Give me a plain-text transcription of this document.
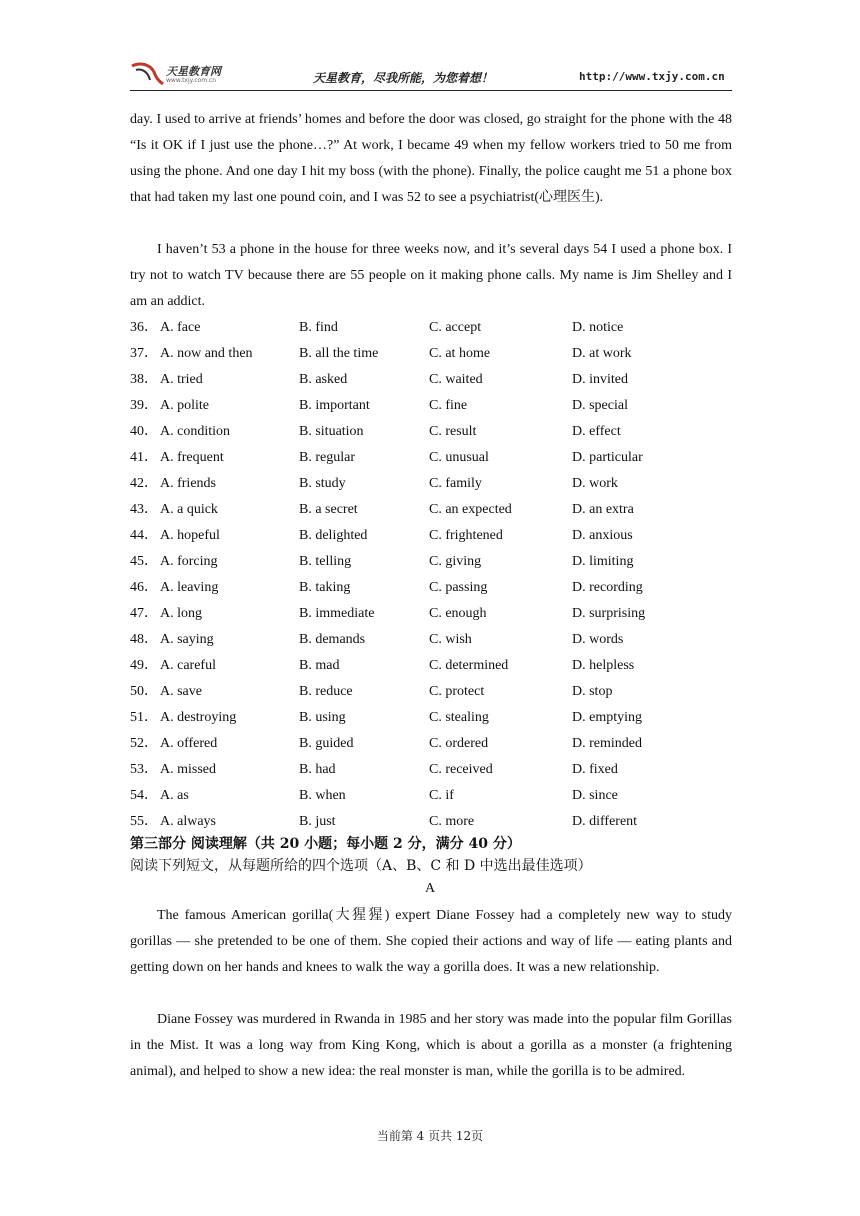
天星教育网
www.txjy.com.cn	天星教育，尽我所能，为您着想！	http://www.txjy.com.cn
day. I used to arrive at friends’ homes and before the door was closed, go straight for the phone with the 48 “Is it OK if I just use the phone…?” At work, I became 49 when my fellow workers tried to 50 me from using the phone. And one day I hit my boss (with the phone). Finally, the police caught me 51 a phone box that had taken my last one pound coin, and I was 52 to see a psychiatrist(心理医生).
I haven’t 53 a phone in the house for three weeks now, and it’s several days 54 I used a phone box. I try not to watch TV because there are 55 people on it making phone calls. My name is Jim Shelley and I am an addict.
36． A. face	B. find	C. accept	D. notice
37． A. now and then	B. all the time	C. at home	D. at work
38． A. tried	B. asked	C. waited	D. invited
39． A. polite	B. important	C. fine	D. special
40． A. condition	B. situation	C. result	D. effect
41． A. frequent	B. regular	C. unusual	D. particular
42． A. friends	B. study	C. family	D. work
43． A. a quick	B. a secret	C. an expected	D. an extra
44． A. hopeful	B. delighted	C. frightened	D. anxious
45． A. forcing	B. telling	C. giving	D. limiting
46． A. leaving	B. taking	C. passing	D. recording
47． A. long	B. immediate	C. enough	D. surprising
48． A. saying	B. demands	C. wish	D. words
49． A. careful	B. mad	C. determined	D. helpless
50． A. save	B. reduce	C. protect	D. stop
51． A. destroying	B. using	C. stealing	D. emptying
52． A. offered	B. guided	C. ordered	D. reminded
53． A. missed	B. had	C. received	D. fixed
54． A. as	B. when	C. if	D. since
55． A. always	B. just	C. more	D. different
第三部分 阅读理解（共 20 小题；每小题 2 分，满分 40 分）
阅读下列短文，从每题所给的四个选项（A、B、C 和 D 中选出最佳选项）
A
The famous American gorilla(大猩猩) expert Diane Fossey had a completely new way to study gorillas — she pretended to be one of them. She copied their actions and way of life — eating plants and getting down on her hands and knees to walk the way a gorilla does. It was a new relationship.
Diane Fossey was murdered in Rwanda in 1985 and her story was made into the popular film Gorillas in the Mist. It was a long way from King Kong, which is about a gorilla as a monster (a frightening animal), and helped to show a new idea: the real monster is man, while the gorilla is to be admired.
当前第 4 页共 12页
